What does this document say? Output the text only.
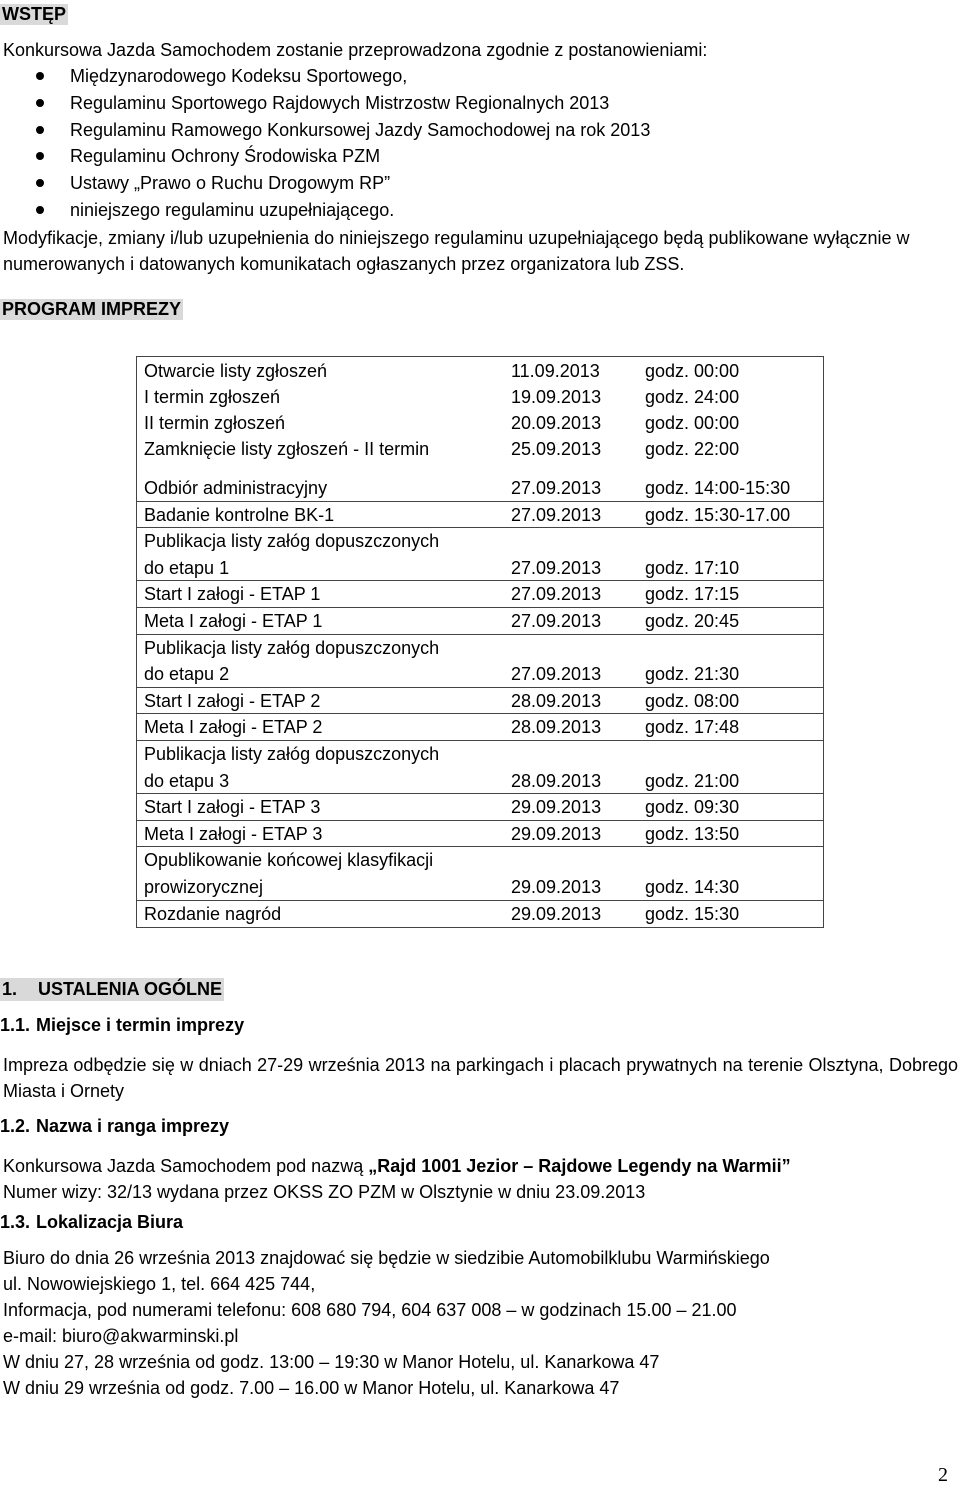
WSTĘP
Konkursowa Jazda Samochodem zostanie przeprowadzona zgodnie z postanowieniami:
Międzynarodowego Kodeksu Sportowego,
Regulaminu Sportowego Rajdowych Mistrzostw Regionalnych 2013
Regulaminu Ramowego Konkursowej Jazdy Samochodowej na rok 2013
Regulaminu Ochrony Środowiska PZM
Ustawy „Prawo o Ruchu Drogowym RP”
niniejszego regulaminu uzupełniającego.
Modyfikacje, zmiany i/lub uzupełnienia do niniejszego regulaminu uzupełniającego będą publikowane wyłącznie w numerowanych i datowanych komunikatach ogłaszanych przez organizatora lub ZSS.
PROGRAM IMPREZY
Otwarcie listy zgłoszeń	11.09.2013	godz. 00:00
I termin zgłoszeń	19.09.2013 godz. 24:00
II termin zgłoszeń	20.09.2013 godz. 00:00
Zamknięcie listy zgłoszeń - II termin	25.09.2013 godz. 22:00
Odbiór administracyjny	27.09.2013 godz. 14:00-15:30
Badanie kontrolne BK-1	27.09.2013 godz. 15:30-17.00
Publikacja listy załóg dopuszczonych
do etapu 1	27.09.2013 godz. 17:10
Start I załogi - ETAP 1	27.09.2013 godz. 17:15
Meta I załogi - ETAP 1	27.09.2013 godz. 20:45
Publikacja listy załóg dopuszczonych
do etapu 2	27.09.2013 godz. 21:30
Start I załogi - ETAP 2	28.09.2013 godz. 08:00
Meta I załogi - ETAP 2	28.09.2013 godz. 17:48
Publikacja listy załóg dopuszczonych
do etapu 3	28.09.2013 godz. 21:00
Start I załogi - ETAP 3	29.09.2013 godz. 09:30
Meta I załogi - ETAP 3	29.09.2013 godz. 13:50
Opublikowanie końcowej klasyfikacji
prowizorycznej	29.09.2013 godz. 14:30
Rozdanie nagród	29.09.2013 godz. 15:30
1. USTALENIA OGÓLNE
1.1. Miejsce i termin imprezy
Impreza odbędzie się w dniach 27-29 września 2013 na parkingach i placach prywatnych na terenie Olsztyna, Dobrego Miasta i Ornety
1.2. Nazwa i ranga imprezy
Konkursowa Jazda Samochodem pod nazwą „Rajd 1001 Jezior – Rajdowe Legendy na Warmii”
Numer wizy: 32/13 wydana przez OKSS ZO PZM w Olsztynie w dniu 23.09.2013
1.3. Lokalizacja Biura
Biuro do dnia 26 września 2013 znajdować się będzie w siedzibie Automobilklubu Warmińskiego
ul. Nowowiejskiego 1, tel. 664 425 744,
Informacja, pod numerami telefonu: 608 680 794, 604 637 008 – w godzinach 15.00 – 21.00
e-mail: biuro@akwarminski.pl
W dniu 27, 28 września od godz. 13:00 – 19:30 w Manor Hotelu, ul. Kanarkowa 47
W dniu 29 września od godz. 7.00 – 16.00 w Manor Hotelu, ul. Kanarkowa 47
2
